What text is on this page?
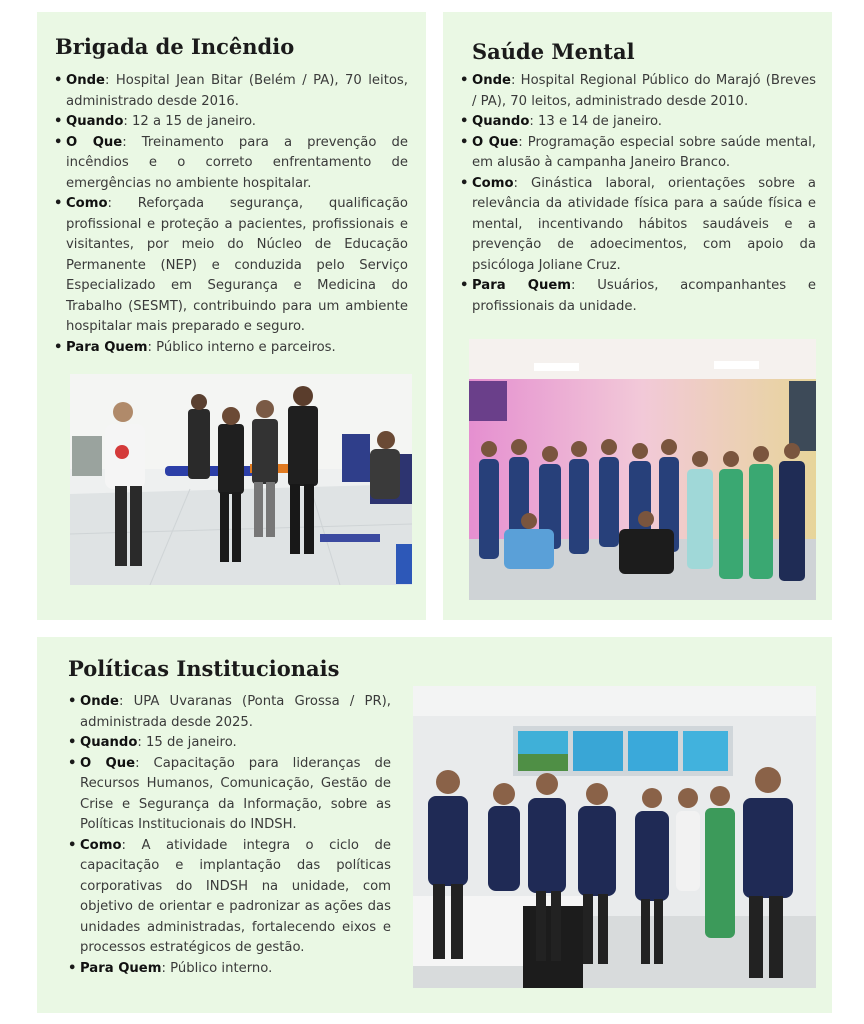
Brigada de Incêndio
• Onde: Hospital Jean Bitar (Belém / PA), 70 leitos, administrado desde 2016.
• Quando: 12 a 15 de janeiro.
• O Que: Treinamento para a prevenção de incêndios e o correto enfrentamento de emergências no ambiente hospitalar.
• Como: Reforçada segurança, qualificação profissional e proteção a pacientes, profissionais e visitantes, por meio do Núcleo de Educação Permanente (NEP) e conduzida pelo Serviço Especializado em Segurança e Medicina do Trabalho (SESMT), contribuindo para um ambiente hospitalar mais preparado e seguro.
• Para Quem: Público interno e parceiros.
Saúde Mental
• Onde: Hospital Regional Público do Marajó (Breves / PA), 70 leitos, administrado desde 2010.
• Quando: 13 e 14 de janeiro.
• O Que: Programação especial sobre saúde mental, em alusão à campanha Janeiro Branco.
• Como: Ginástica laboral, orientações sobre a relevância da atividade física para a saúde física e mental, incentivando hábitos saudáveis e a prevenção de adoecimentos, com apoio da psicóloga Joliane Cruz.
• Para Quem: Usuários, acompanhantes e profissionais da unidade.
Políticas Institucionais
• Onde: UPA Uvaranas (Ponta Grossa / PR), administrada desde 2025.
• Quando: 15 de janeiro.
• O Que: Capacitação para lideranças de Recursos Humanos, Comunicação, Gestão de Crise e Segurança da Informação, sobre as Políticas Institucionais do INDSH.
• Como: A atividade integra o ciclo de capacitação e implantação das políticas corporativas do INDSH na unidade, com objetivo de orientar e padronizar as ações das unidades administradas, fortalecendo eixos e processos estratégicos de gestão.
• Para Quem: Público interno.
